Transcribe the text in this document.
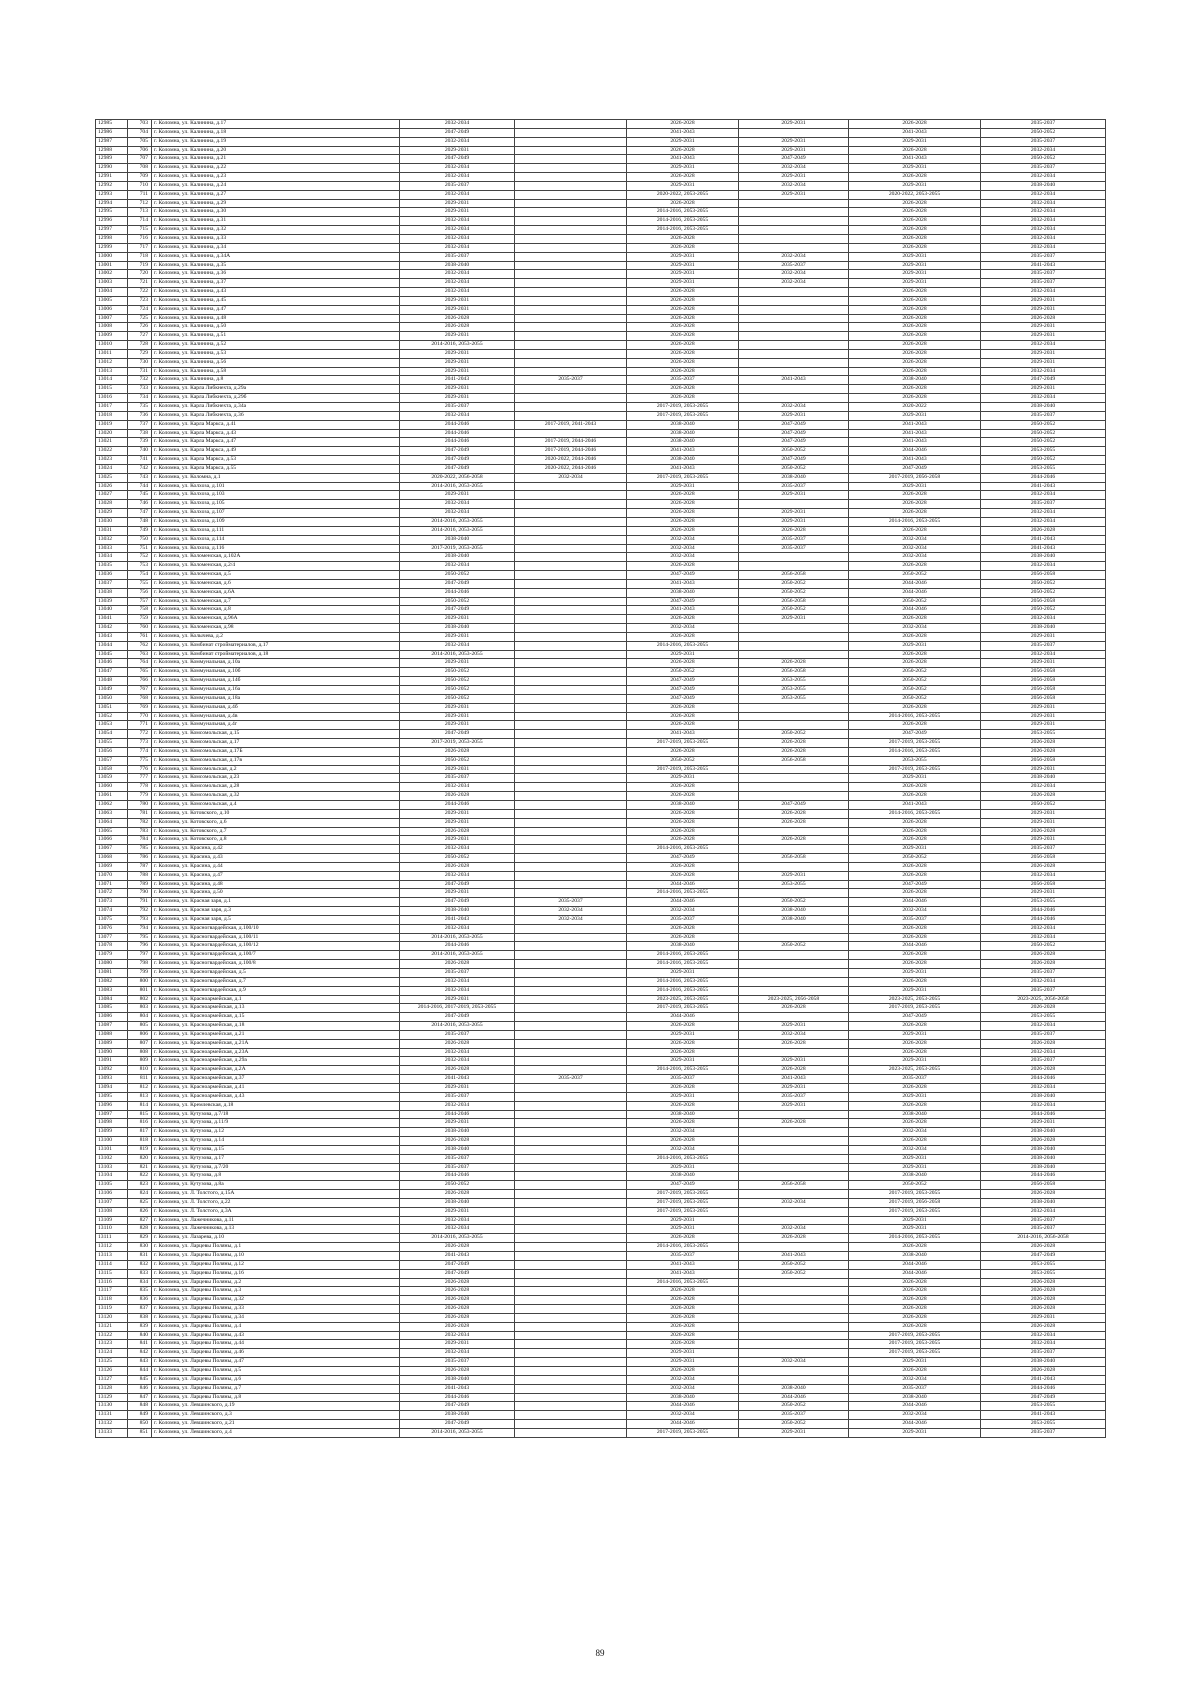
12985	703	г. Коломна, ул. Калинина, д.17	2032-2034		2026-2028	2029-2031	2026-2028	2035-2037
12986	704	г. Коломна, ул. Калинина, д.18	2047-2049		2041-2043		2041-2043	2050-2052
12987	705	г. Коломна, ул. Калинина, д.19	2032-2034		2029-2031	2029-2031	2029-2031	2035-2037
12988	706	г. Коломна, ул. Калинина, д.20	2029-2031		2026-2028	2029-2031	2026-2028	2032-2034
12989	707	г. Коломна, ул. Калинина, д.21	2047-2049		2041-2043	2047-2049	2041-2043	2050-2052
12990	708	г. Коломна, ул. Калинина, д.22	2032-2034		2029-2031	2032-2034	2029-2031	2035-2037
12991	709	г. Коломна, ул. Калинина, д.23	2032-2034		2026-2028	2029-2031	2026-2028	2032-2034
12992	710	г. Коломна, ул. Калинина, д.24	2035-2037		2029-2031	2032-2034	2029-2031	2038-2040
12993	711	г. Коломна, ул. Калинина, д.27	2032-2034		2020-2022, 2053-2055	2029-2031	2020-2022, 2053-2055	2032-2034
12994	712	г. Коломна, ул. Калинина, д.29	2029-2031		2026-2028		2026-2028	2032-2034
12995	713	г. Коломна, ул. Калинина, д.30	2029-2031		2014-2016, 2053-2055		2026-2028	2032-2034
12996	714	г. Коломна, ул. Калинина, д.31	2032-2034		2014-2016, 2053-2055		2026-2028	2032-2034
12997	715	г. Коломна, ул. Калинина, д.32	2032-2034		2014-2016, 2053-2055		2026-2028	2032-2034
12998	716	г. Коломна, ул. Калинина, д.33	2032-2034		2026-2028		2026-2028	2032-2034
12999	717	г. Коломна, ул. Калинина, д.34	2032-2034		2026-2028		2026-2028	2032-2034
13000	718	г. Коломна, ул. Калинина, д.34А	2035-2037		2029-2031	2032-2034	2029-2031	2035-2037
13001	719	г. Коломна, ул. Калинина, д.35	2038-2040		2029-2031	2035-2037	2029-2031	2041-2043
13002	720	г. Коломна, ул. Калинина, д.36	2032-2034		2029-2031	2032-2034	2029-2031	2035-2037
13003	721	г. Коломна, ул. Калинина, д.37	2032-2034		2029-2031	2032-2034	2029-2031	2035-2037
13004	722	г. Коломна, ул. Калинина, д.43	2032-2034		2026-2028		2026-2028	2032-2034
13005	723	г. Коломна, ул. Калинина, д.45	2029-2031		2026-2028		2026-2028	2029-2031
13006	724	г. Коломна, ул. Калинина, д.47	2029-2031		2026-2028		2026-2028	2029-2031
13007	725	г. Коломна, ул. Калинина, д.48	2026-2028		2026-2028		2026-2028	2026-2028
13008	726	г. Коломна, ул. Калинина, д.50	2026-2028		2026-2028		2026-2028	2029-2031
13009	727	г. Коломна, ул. Калинина, д.51	2029-2031		2026-2028		2026-2028	2029-2031
13010	728	г. Коломна, ул. Калинина, д.52	2014-2016, 2053-2055		2026-2028		2026-2028	2032-2034
13011	729	г. Коломна, ул. Калинина, д.53	2029-2031		2026-2028		2026-2028	2029-2031
13012	730	г. Коломна, ул. Калинина, д.56	2029-2031		2026-2028		2026-2028	2029-2031
13013	731	г. Коломна, ул. Калинина, д.58	2029-2031		2026-2028		2026-2028	2032-2034
13014	732	г. Коломна, ул. Калинина, д.8	2041-2043	2035-2037	2035-2037	2041-2043	2038-2040	2047-2049
13015	733	г. Коломна, ул. Карла Либкнехта, д.29а	2029-2031		2026-2028		2026-2028	2029-2031
13016	734	г. Коломна, ул. Карла Либкнехта, д.29б	2029-2031		2026-2028		2026-2028	2032-2034
13017	735	г. Коломна, ул. Карла Либкнехта, д.34а	2035-2037		2017-2019, 2053-2055	2032-2034	2020-2022	2038-2040
13018	736	г. Коломна, ул. Карла Либкнехта, д.36	2032-2034		2017-2019, 2053-2055	2029-2031	2029-2031	2035-2037
13019	737	г. Коломна, ул. Карла Маркса, д.41	2044-2046	2017-2019, 2041-2043	2038-2040	2047-2049	2041-2043	2050-2052
13020	738	г. Коломна, ул. Карла Маркса, д.43	2044-2046		2038-2040	2047-2049	2041-2043	2050-2052
13021	739	г. Коломна, ул. Карла Маркса, д.47	2044-2046	2017-2019, 2044-2046	2038-2040	2047-2049	2041-2043	2050-2052
13022	740	г. Коломна, ул. Карла Маркса, д.49	2047-2049	2017-2019, 2044-2046	2041-2043	2050-2052	2044-2046	2053-2055
13023	741	г. Коломна, ул. Карла Маркса, д.53	2047-2049	2020-2022, 2044-2046	2038-2040	2047-2049	2041-2043	2050-2052
13024	742	г. Коломна, ул. Карла Маркса, д.55	2047-2049	2020-2022, 2044-2046	2041-2043	2050-2052	2047-2049	2053-2055
13025	743	г. Коломна, ул. Коломна, д.1	2020-2022, 2056-2058	2032-2034	2017-2019, 2053-2055	2038-2040	2017-2019, 2056-2058	2044-2046
13026	744	г. Коломна, ул. Колхоза, д.101	2014-2016, 2053-2055		2029-2031	2035-2037	2029-2031	2041-2043
13027	745	г. Коломна, ул. Колхоза, д.103	2029-2031		2026-2028	2029-2031	2026-2028	2032-2034
13028	746	г. Коломна, ул. Колхоза, д.105	2032-2034		2026-2028		2026-2028	2035-2037
13029	747	г. Коломна, ул. Колхоза, д.107	2032-2034		2026-2028	2029-2031	2026-2028	2032-2034
13030	748	г. Коломна, ул. Колхоза, д.109	2014-2016, 2053-2055		2026-2028	2029-2031	2014-2016, 2053-2055	2032-2034
13031	749	г. Коломна, ул. Колхоза, д.111	2014-2016, 2053-2055		2026-2028	2026-2028	2026-2028	2026-2028
13032	750	г. Коломна, ул. Колхоза, д.114	2038-2040		2032-2034	2035-2037	2032-2034	2041-2043
13033	751	г. Коломна, ул. Колхоза, д.116	2017-2019, 2053-2055		2032-2034	2035-2037	2032-2034	2041-2043
13034	752	г. Коломна, ул. Коломенская, д.102А	2038-2040		2032-2034		2032-2034	2038-2040
13035	753	г. Коломна, ул. Коломенская, д.2/4	2032-2034		2026-2028		2026-2028	2032-2034
13036	754	г. Коломна, ул. Коломенская, д.5	2050-2052		2047-2049	2056-2058	2050-2052	2056-2058
13037	755	г. Коломна, ул. Коломенская, д.6	2047-2049		2041-2043	2050-2052	2044-2046	2050-2052
13038	756	г. Коломна, ул. Коломенская, д.6А	2044-2046		2038-2040	2050-2052	2044-2046	2050-2052
13039	757	г. Коломна, ул. Коломенская, д.7	2050-2052		2047-2049	2056-2058	2050-2052	2056-2058
13040	758	г. Коломна, ул. Коломенская, д.8	2047-2049		2041-2043	2050-2052	2044-2046	2050-2052
13041	759	г. Коломна, ул. Коломенская, д.96А	2029-2031		2026-2028	2029-2031	2026-2028	2032-2034
13042	760	г. Коломна, ул. Коломенская, д.98	2038-2040		2032-2034		2032-2034	2038-2040
13043	761	г. Коломна, ул. Колычева, д.2	2029-2031		2026-2028		2026-2028	2029-2031
13044	762	г. Коломна, ул. Комбинат стройматериалов, д.17	2032-2034		2014-2016, 2053-2055		2029-2031	2035-2037
13045	763	г. Коломна, ул. Комбинат стройматериалов, д.18	2014-2016, 2053-2055		2029-2031		2026-2028	2032-2034
13046	764	г. Коломна, ул. Коммунальная, д.10а	2029-2031		2026-2028	2026-2028	2026-2028	2029-2031
13047	765	г. Коломна, ул. Коммунальная, д.10б	2050-2052		2050-2052	2056-2058	2050-2052	2056-2058
13048	766	г. Коломна, ул. Коммунальная, д.14б	2050-2052		2047-2049	2053-2055	2050-2052	2056-2058
13049	767	г. Коломна, ул. Коммунальная, д.16а	2050-2052		2047-2049	2053-2055	2050-2052	2056-2058
13050	768	г. Коломна, ул. Коммунальная, д.18а	2050-2052		2047-2049	2053-2055	2050-2052	2056-2058
13051	769	г. Коломна, ул. Коммунальная, д.4б	2029-2031		2026-2028		2026-2028	2029-2031
13052	770	г. Коломна, ул. Коммунальная, д.4в	2029-2031		2026-2028		2014-2016, 2053-2055	2029-2031
13053	771	г. Коломна, ул. Коммунальная, д.4г	2029-2031		2026-2028		2026-2028	2029-2031
13054	772	г. Коломна, ул. Комсомольская, д.15	2047-2049		2041-2043	2050-2052	2047-2049	2053-2055
13055	773	г. Коломна, ул. Комсомольская, д.17	2017-2019, 2053-2055		2017-2019, 2053-2055	2026-2028	2017-2019, 2053-2055	2026-2028
13056	774	г. Коломна, ул. Комсомольская, д.17Б	2026-2028		2026-2028	2026-2028	2014-2016, 2053-2055	2026-2028
13057	775	г. Коломна, ул. Комсомольская, д.17в	2050-2052		2050-2052	2056-2058	2053-2055	2056-2058
13058	776	г. Коломна, ул. Комсомольская, д.2	2029-2031		2017-2019, 2053-2055		2017-2019, 2053-2055	2029-2031
13059	777	г. Коломна, ул. Комсомольская, д.23	2035-2037		2029-2031		2029-2031	2038-2040
13060	778	г. Коломна, ул. Комсомольская, д.28	2032-2034		2026-2028		2026-2028	2032-2034
13061	779	г. Коломна, ул. Комсомольская, д.32	2026-2028		2026-2028		2026-2028	2026-2028
13062	780	г. Коломна, ул. Комсомольская, д.4	2044-2046		2038-2040	2047-2049	2041-2043	2050-2052
13063	781	г. Коломна, ул. Котовского, д.10	2029-2031		2026-2028	2026-2028	2014-2016, 2053-2055	2029-2031
13064	782	г. Коломна, ул. Котовского, д.6	2029-2031		2026-2028	2026-2028	2026-2028	2029-2031
13065	783	г. Коломна, ул. Котовского, д.7	2026-2028		2026-2028		2026-2028	2026-2028
13066	784	г. Коломна, ул. Котовского, д.8	2029-2031		2026-2028	2026-2028	2026-2028	2029-2031
13067	785	г. Коломна, ул. Красина, д.42	2032-2034		2014-2016, 2053-2055		2029-2031	2035-2037
13068	786	г. Коломна, ул. Красина, д.43	2050-2052		2047-2049	2056-2058	2050-2052	2056-2058
13069	787	г. Коломна, ул. Красина, д.44	2026-2028		2026-2028		2026-2028	2026-2028
13070	788	г. Коломна, ул. Красина, д.47	2032-2034		2026-2028	2029-2031	2026-2028	2032-2034
13071	789	г. Коломна, ул. Красина, д.48	2047-2049		2044-2046	2053-2055	2047-2049	2056-2058
13072	790	г. Коломна, ул. Красина, д.50	2029-2031		2014-2016, 2053-2055		2026-2028	2029-2031
13073	791	г. Коломна, ул. Красная заря, д.1	2047-2049	2035-2037	2044-2046	2050-2052	2044-2046	2053-2055
13074	792	г. Коломна, ул. Красная заря, д.3	2038-2040	2032-2034	2032-2034	2038-2040	2032-2034	2044-2046
13075	793	г. Коломна, ул. Красная заря, д.5	2041-2043	2032-2034	2035-2037	2038-2040	2035-2037	2044-2046
13076	794	г. Коломна, ул. Красногвардейская, д.100/10	2032-2034		2026-2028		2026-2028	2032-2034
13077	795	г. Коломна, ул. Красногвардейская, д.100/11	2014-2016, 2053-2055		2026-2028		2026-2028	2032-2034
13078	796	г. Коломна, ул. Красногвардейская, д.100/12	2044-2046		2038-2040	2050-2052	2044-2046	2050-2052
13079	797	г. Коломна, ул. Красногвардейская, д.100/7	2014-2016, 2053-2055		2014-2016, 2053-2055		2026-2028	2026-2028
13080	798	г. Коломна, ул. Красногвардейская, д.100/8	2026-2028		2014-2016, 2053-2055		2026-2028	2026-2028
13081	799	г. Коломна, ул. Красногвардейская, д.5	2035-2037		2029-2031		2029-2031	2035-2037
13082	800	г. Коломна, ул. Красногвардейская, д.7	2032-2034		2014-2016, 2053-2055		2026-2028	2032-2034
13083	801	г. Коломна, ул. Красногвардейская, д.9	2032-2034		2014-2016, 2053-2055		2029-2031	2035-2037
13084	802	г. Коломна, ул. Красноармейская, д.1	2029-2031		2023-2025, 2053-2055	2023-2025, 2056-2058	2023-2025, 2053-2055	2023-2025, 2056-2058
13085	803	г. Коломна, ул. Красноармейская, д.13	2014-2016, 2017-2019, 2053-2055		2017-2019, 2053-2055	2026-2028	2017-2019, 2053-2055	2026-2028
13086	804	г. Коломна, ул. Красноармейская, д.15	2047-2049		2044-2046		2047-2049	2053-2055
13087	805	г. Коломна, ул. Красноармейская, д.18	2014-2016, 2053-2055		2026-2028	2029-2031	2026-2028	2032-2034
13088	806	г. Коломна, ул. Красноармейская, д.21	2035-2037		2029-2031	2032-2034	2029-2031	2035-2037
13089	807	г. Коломна, ул. Красноармейская, д.21А	2026-2028		2026-2028	2026-2028	2026-2028	2026-2028
13090	808	г. Коломна, ул. Красноармейская, д.23А	2032-2034		2026-2028		2026-2028	2032-2034
13091	809	г. Коломна, ул. Красноармейская, д.29а	2032-2034		2029-2031	2029-2031	2029-2031	2035-2037
13092	810	г. Коломна, ул. Красноармейская, д.2А	2026-2028		2014-2016, 2053-2055	2026-2028	2023-2025, 2053-2055	2026-2028
13093	811	г. Коломна, ул. Красноармейская, д.37	2041-2043	2035-2037	2035-2037	2041-2043	2035-2037	2044-2046
13094	812	г. Коломна, ул. Красноармейская, д.41	2029-2031		2026-2028	2029-2031	2026-2028	2032-2034
13095	813	г. Коломна, ул. Красноармейская, д.43	2035-2037		2029-2031	2035-2037	2029-2031	2038-2040
13096	814	г. Коломна, ул. Кремлевская, д.18	2032-2034		2026-2028	2029-2031	2026-2028	2032-2034
13097	815	г. Коломна, ул. Кутузова, д.7/18	2044-2046		2038-2040		2038-2040	2044-2046
13098	816	г. Коломна, ул. Кутузова, д.11/9	2029-2031		2026-2028	2026-2028	2026-2028	2029-2031
13099	817	г. Коломна, ул. Кутузова, д.12	2038-2040		2032-2034		2032-2034	2038-2040
13100	818	г. Коломна, ул. Кутузова, д.14	2026-2028		2026-2028		2026-2028	2026-2028
13101	819	г. Коломна, ул. Кутузова, д.15	2038-2040		2032-2034		2032-2034	2038-2040
13102	820	г. Коломна, ул. Кутузова, д.17	2035-2037		2014-2016, 2053-2055		2029-2031	2038-2040
13103	821	г. Коломна, ул. Кутузова, д.7/20	2035-2037		2029-2031		2029-2031	2038-2040
13104	822	г. Коломна, ул. Кутузова, д.8	2044-2046		2038-2040		2038-2040	2044-2046
13105	823	г. Коломна, ул. Кутузова, д.8а	2050-2052		2047-2049	2056-2058	2050-2052	2056-2058
13106	824	г. Коломна, ул. Л. Толстого, д.15А	2026-2028		2017-2019, 2053-2055		2017-2019, 2053-2055	2026-2028
13107	825	г. Коломна, ул. Л. Толстого, д.22	2038-2040		2017-2019, 2053-2055	2032-2034	2017-2019, 2056-2058	2038-2040
13108	826	г. Коломна, ул. Л. Толстого, д.3А	2029-2031		2017-2019, 2053-2055		2017-2019, 2053-2055	2032-2034
13109	827	г. Коломна, ул. Лажечникова, д.11	2032-2034		2029-2031		2029-2031	2035-2037
13110	828	г. Коломна, ул. Лажечникова, д.13	2032-2034		2029-2031	2032-2034	2029-2031	2035-2037
13111	829	г. Коломна, ул. Лазарева, д.10	2014-2016, 2053-2055		2026-2028	2026-2028	2014-2016, 2053-2055	2014-2016, 2056-2058
13112	830	г. Коломна, ул. Ларцевы Поляны, д.1	2026-2028		2014-2016, 2053-2055		2026-2028	2026-2028
13113	831	г. Коломна, ул. Ларцевы Поляны, д.10	2041-2043		2035-2037	2041-2043	2038-2040	2047-2049
13114	832	г. Коломна, ул. Ларцевы Поляны, д.12	2047-2049		2041-2043	2050-2052	2044-2046	2053-2055
13115	833	г. Коломна, ул. Ларцевы Поляны, д.16	2047-2049		2041-2043	2050-2052	2044-2046	2053-2055
13116	834	г. Коломна, ул. Ларцевы Поляны, д.2	2026-2028		2014-2016, 2053-2055		2026-2028	2026-2028
13117	835	г. Коломна, ул. Ларцевы Поляны, д.3	2026-2028		2026-2028		2026-2028	2026-2028
13118	836	г. Коломна, ул. Ларцевы Поляны, д.32	2026-2028		2026-2028		2026-2028	2026-2028
13119	837	г. Коломна, ул. Ларцевы Поляны, д.33	2026-2028		2026-2028		2026-2028	2026-2028
13120	838	г. Коломна, ул. Ларцевы Поляны, д.34	2026-2028		2026-2028		2026-2028	2029-2031
13121	839	г. Коломна, ул. Ларцевы Поляны, д.4	2026-2028		2026-2028		2026-2028	2026-2028
13122	840	г. Коломна, ул. Ларцевы Поляны, д.43	2032-2034		2026-2028		2017-2019, 2053-2055	2032-2034
13123	841	г. Коломна, ул. Ларцевы Поляны, д.44	2029-2031		2026-2028		2017-2019, 2053-2055	2032-2034
13124	842	г. Коломна, ул. Ларцевы Поляны, д.46	2032-2034		2029-2031		2017-2019, 2053-2055	2035-2037
13125	843	г. Коломна, ул. Ларцевы Поляны, д.47	2035-2037		2029-2031	2032-2034	2029-2031	2038-2040
13126	844	г. Коломна, ул. Ларцевы Поляны, д.5	2026-2028		2026-2028		2026-2028	2026-2028
13127	845	г. Коломна, ул. Ларцевы Поляны, д.6	2038-2040		2032-2034		2032-2034	2041-2043
13128	846	г. Коломна, ул. Ларцевы Поляны, д.7	2041-2043		2032-2034	2038-2040	2035-2037	2044-2046
13129	847	г. Коломна, ул. Ларцевы Поляны, д.8	2044-2046		2038-2040	2044-2046	2038-2040	2047-2049
13130	848	г. Коломна, ул. Левшинского, д.19	2047-2049		2044-2046	2050-2052	2044-2046	2053-2055
13131	849	г. Коломна, ул. Левшинского, д.3	2038-2040		2032-2034	2035-2037	2032-2034	2041-2043
13132	850	г. Коломна, ул. Левшинского, д.21	2047-2049		2044-2046	2050-2052	2044-2046	2053-2055
13133	851	г. Коломна, ул. Левшинского, д.4	2014-2016, 2053-2055		2017-2019, 2053-2055	2029-2031	2029-2031	2035-2037
89
